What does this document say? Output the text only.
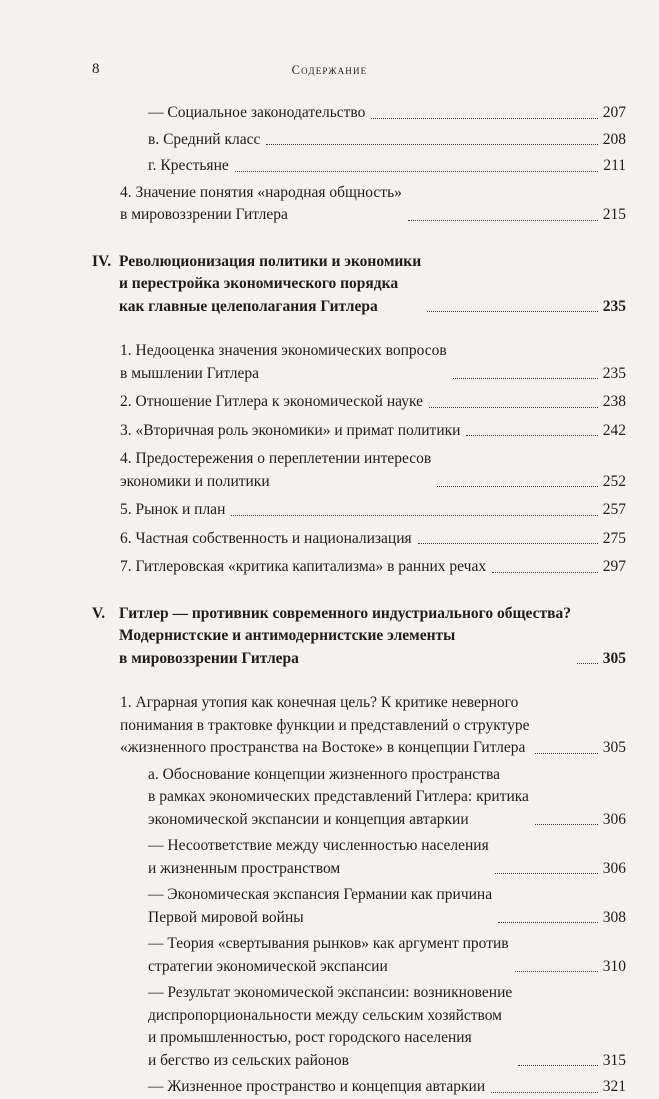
8	Содержание
— Социальное законодательство	207
в. Средний класс	208
г. Крестьяне	211
4. Значение понятия «народная общность»
в мировоззрении Гитлера	215
IV. Революционизация политики и экономики
и перестройка экономического порядка
как главные целеполагания Гитлера	235
1. Недооценка значения экономических вопросов
в мышлении Гитлера	235
2. Отношение Гитлера к экономической науке	238
3. «Вторичная роль экономики» и примат политики	242
4. Предостережения о переплетении интересов
экономики и политики	252
5. Рынок и план	257
6. Частная собственность и национализация	275
7. Гитлеровская «критика капитализма» в ранних речах	297
V. Гитлер — противник современного индустриального общества?
Модернистские и антимодернистские элементы
в мировоззрении Гитлера	305
1. Аграрная утопия как конечная цель? К критике неверного
понимания в трактовке функции и представлений о структуре
«жизненного пространства на Востоке» в концепции Гитлера	305
а. Обоснование концепции жизненного пространства
в рамках экономических представлений Гитлера: критика
экономической экспансии и концепция автаркии	306
— Несоответствие между численностью населения
и жизненным пространством	306
— Экономическая экспансия Германии как причина
Первой мировой войны	308
— Теория «свертывания рынков» как аргумент против
стратегии экономической экспансии	310
— Результат экономической экспансии: возникновение
диспропорциональности между сельским хозяйством
и промышленностью, рост городского населения
и бегство из сельских районов	315
— Жизненное пространство и концепция автаркии	321
